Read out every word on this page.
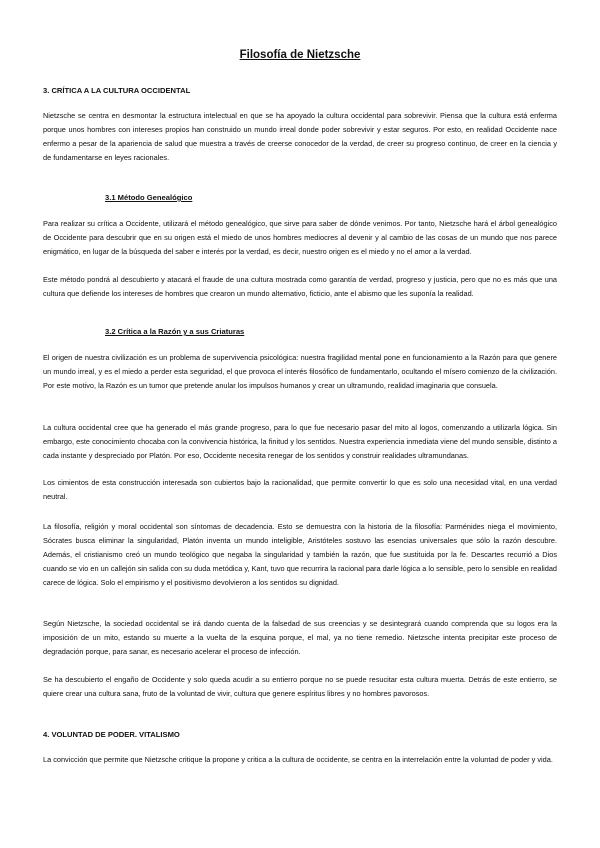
Filosofía de Nietzsche
3. CRÍTICA A LA CULTURA OCCIDENTAL
Nietzsche se centra en desmontar la estructura intelectual en que se ha apoyado la cultura occidental para sobrevivir. Piensa que la cultura está enferma porque unos hombres con intereses propios han construido un mundo irreal donde poder sobrevivir y estar seguros. Por esto, en realidad Occidente nace enfermo a pesar de la apariencia de salud que muestra a través de creerse conocedor de la verdad, de creer su progreso continuo, de creer en la ciencia y de fundamentarse en leyes racionales.
3.1 Método Genealógico
Para realizar su crítica a Occidente, utilizará el método genealógico, que sirve para saber de dónde venimos. Por tanto, Nietzsche hará el árbol genealógico de Occidente para descubrir que en su origen está el miedo de unos hombres mediocres al devenir y al cambio de las cosas de un mundo que nos parece enigmático, en lugar de la búsqueda del saber e interés por la verdad, es decir, nuestro origen es el miedo y no el amor a la verdad.
Este método pondrá al descubierto y atacará el fraude de una cultura mostrada como garantía de verdad, progreso y justicia, pero que no es más que una cultura que defiende los intereses de hombres que crearon un mundo alternativo, ficticio, ante el abismo que les suponía la realidad.
3.2 Crítica a la Razón y a sus Criaturas
El origen de nuestra civilización es un problema de supervivencia psicológica: nuestra fragilidad mental pone en funcionamiento a la Razón para que genere un mundo irreal, y es el miedo a perder esta seguridad, el que provoca el interés filosófico de fundamentarlo, ocultando el mísero comienzo de la civilización. Por este motivo, la Razón es un tumor que pretende anular los impulsos humanos y crear un ultramundo, realidad imaginaria que consuela.
La cultura occidental cree que ha generado el más grande progreso, para lo que fue necesario pasar del mito al logos, comenzando a utilizarla lógica. Sin embargo, este conocimiento chocaba con la convivencia histórica, la finitud y los sentidos. Nuestra experiencia inmediata viene del mundo sensible, distinto a cada instante y despreciado por Platón. Por eso, Occidente necesita renegar de los sentidos y construir realidades ultramundanas.
Los cimientos de esta construcción interesada son cubiertos bajo la racionalidad, que permite convertir lo que es solo una necesidad vital, en una verdad neutral.
La filosofía, religión y moral occidental son síntomas de decadencia. Esto se demuestra con la historia de la filosofía: Parménides niega el movimiento, Sócrates busca eliminar la singularidad, Platón inventa un mundo inteligible, Aristóteles sostuvo las esencias universales que sólo la razón descubre. Además, el cristianismo creó un mundo teológico que negaba la singularidad y también la razón, que fue sustituida por la fe. Descartes recurrió a Dios cuando se vio en un callejón sin salida con su duda metódica y, Kant, tuvo que recurrira la racional para darle lógica a lo sensible, pero lo sensible en realidad carece de lógica. Solo el empirismo y el positivismo devolvieron a los sentidos su dignidad.
Según Nietzsche, la sociedad occidental se irá dando cuenta de la falsedad de sus creencias y se desintegrará cuando comprenda que su logos era la imposición de un mito, estando su muerte a la vuelta de la esquina porque, el mal, ya no tiene remedio. Nietzsche intenta precipitar este proceso de degradación porque, para sanar, es necesario acelerar el proceso de infección.
Se ha descubierto el engaño de Occidente y solo queda acudir a su entierro porque no se puede resucitar esta cultura muerta. Detrás de este entierro, se quiere crear una cultura sana, fruto de la voluntad de vivir, cultura que genere espíritus libres y no hombres pavorosos.
4. VOLUNTAD DE PODER. VITALISMO
La convicción que permite que Nietzsche critique la propone y critica a la cultura de occidente, se centra en la interrelación entre la voluntad de poder y vida.
